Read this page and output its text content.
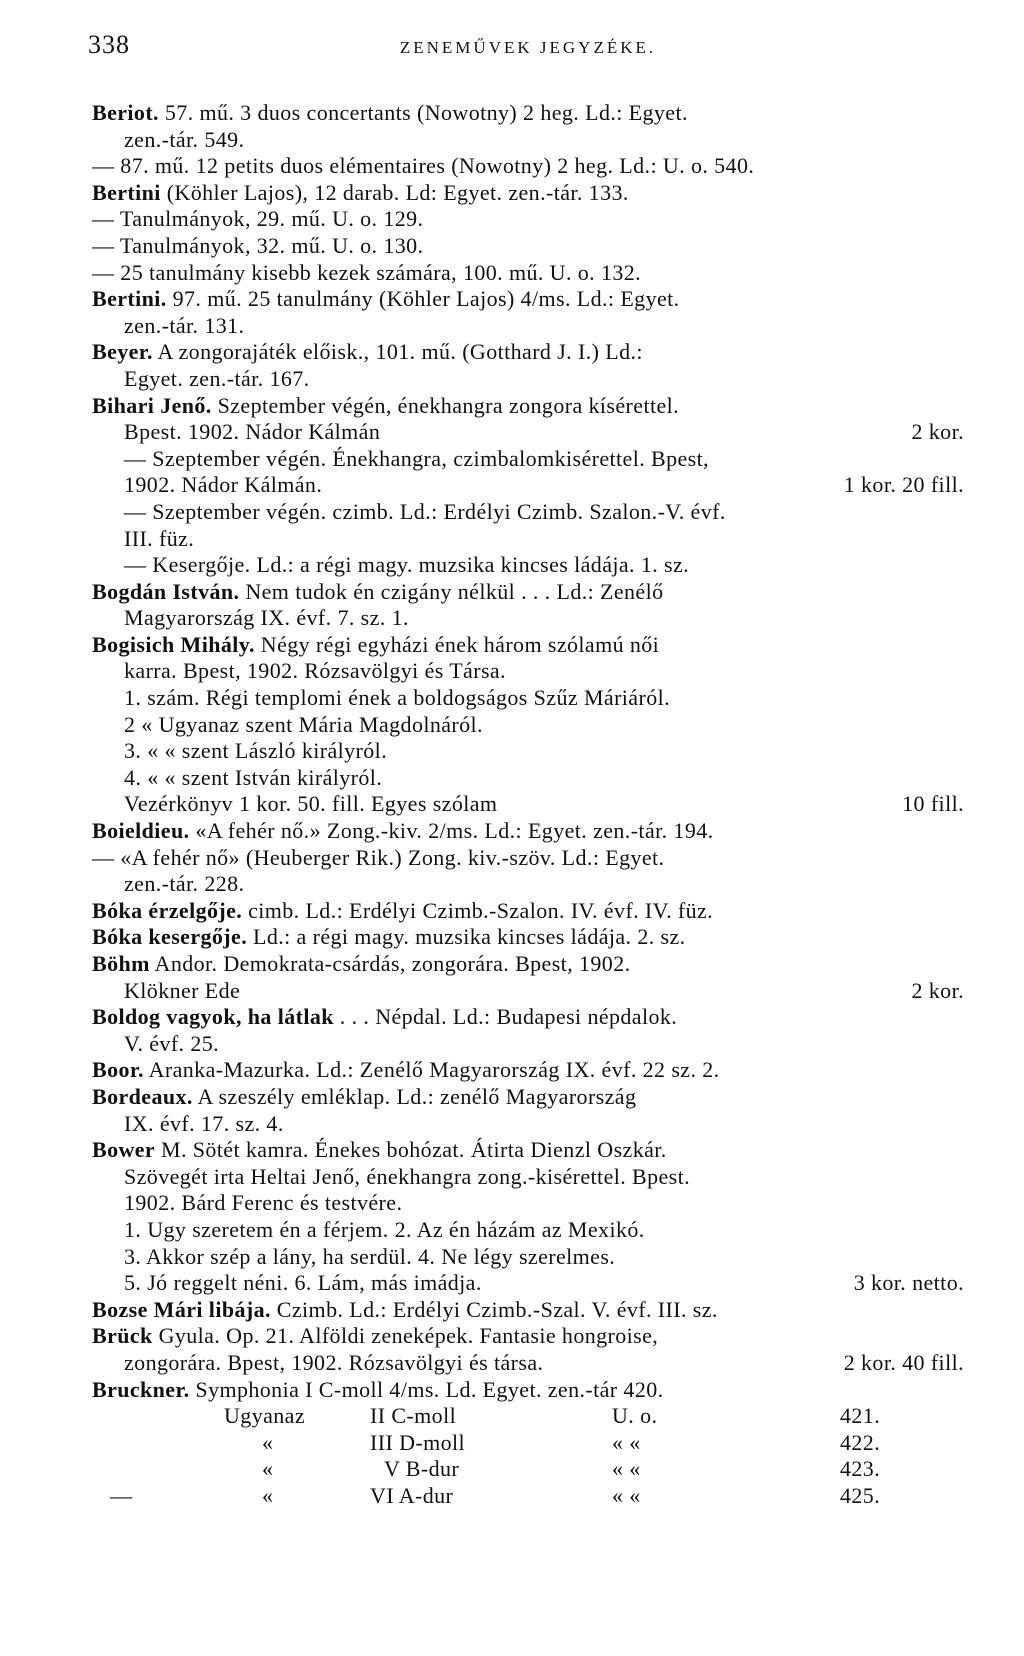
338	ZENEMŰVEK JEGYZÉKE.
Beriot. 57. mű. 3 duos concertants (Nowotny) 2 heg. Ld.: Egyet.
zen.-tár. 549.
— 87. mű. 12 petits duos elémentaires (Nowotny) 2 heg. Ld.: U. o. 540.
Bertini (Köhler Lajos), 12 darab. Ld: Egyet. zen.-tár. 133.
— Tanulmányok, 29. mű. U. o. 129.
— Tanulmányok, 32. mű. U. o. 130.
— 25 tanulmány kisebb kezek számára, 100. mű. U. o. 132.
Bertini. 97. mű. 25 tanulmány (Köhler Lajos) 4/ms. Ld.: Egyet.
zen.-tár. 131.
Beyer. A zongorajáték előisk., 101. mű. (Gotthard J. I.) Ld.:
Egyet. zen.-tár. 167.
Bihari Jenő. Szeptember végén, énekhangra zongora kísérettel.
Bpest. 1902. Nádor Kálmán	2 kor.
— Szeptember végén. Énekhangra, czimbalomkisérettel. Bpest,
1902. Nádor Kálmán.	1 kor. 20 fill.
— Szeptember végén. czimb. Ld.: Erdélyi Czimb. Szalon.-V. évf.
III. füz.
— Kesergője. Ld.: a régi magy. muzsika kincses ládája. 1. sz.
Bogdán István. Nem tudok én czigány nélkül . . . Ld.: Zenélő
Magyarország IX. évf. 7. sz. 1.
Bogisich Mihály. Négy régi egyházi ének három szólamú női
karra. Bpest, 1902. Rózsavölgyi és Társa.
1. szám. Régi templomi ének a boldogságos Szűz Máriáról.
2 « Ugyanaz szent Mária Magdolnáról.
3. « « szent László királyról.
4. « « szent István királyról.
Vezérkönyv 1 kor. 50. fill. Egyes szólam	10 fill.
Boieldieu. «A fehér nő.» Zong.-kiv. 2/ms. Ld.: Egyet. zen.-tár. 194.
— «A fehér nő» (Heuberger Rik.) Zong. kiv.-szöv. Ld.: Egyet.
zen.-tár. 228.
Bóka érzelgője. cimb. Ld.: Erdélyi Czimb.-Szalon. IV. évf. IV. füz.
Bóka kesergője. Ld.: a régi magy. muzsika kincses ládája. 2. sz.
Böhm Andor. Demokrata-csárdás, zongorára. Bpest, 1902.
Klökner Ede	2 kor.
Boldog vagyok, ha látlak . . . Népdal. Ld.: Budapesi népdalok.
V. évf. 25.
Boor. Aranka-Mazurka. Ld.: Zenélő Magyarország IX. évf. 22 sz. 2.
Bordeaux. A szeszély emléklap. Ld.: zenélő Magyarország
IX. évf. 17. sz. 4.
Bower M. Sötét kamra. Énekes bohózat. Átirta Dienzl Oszkár.
Szövegét irta Heltai Jenő, énekhangra zong.-kisérettel. Bpest.
1902. Bárd Ferenc és testvére.
1. Ugy szeretem én a férjem. 2. Az én házám az Mexikó.
3. Akkor szép a lány, ha serdül. 4. Ne légy szerelmes.
5. Jó reggelt néni. 6. Lám, más imádja.	3 kor. netto.
Bozse Mári libája. Czimb. Ld.: Erdélyi Czimb.-Szal. V. évf. III. sz.
Brück Gyula. Op. 21. Alföldi zeneképek. Fantasie hongroise,
zongorára. Bpest, 1902. Rózsavölgyi és társa.	2 kor. 40 fill.
Bruckner. Symphonia I C-moll 4/ms. Ld. Egyet. zen.-tár 420.
Ugyanaz	II C-moll	U. o.	421.
«	III D-moll	« «	422.
«	V B-dur	« «	423.
—	«	VI A-dur	« «	425.
